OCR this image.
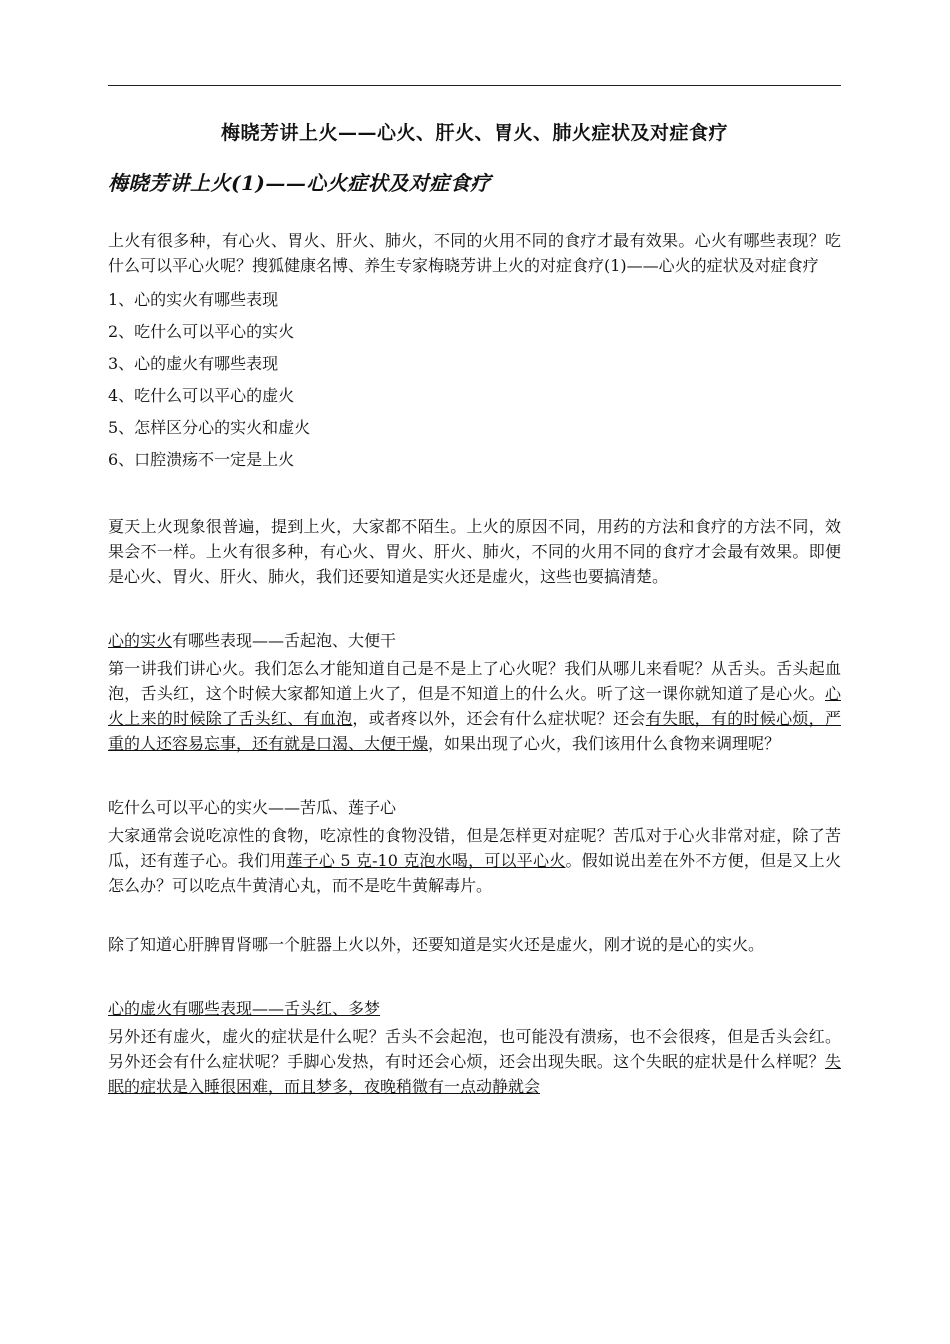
梅晓芳讲上火——心火、肝火、胃火、肺火症状及对症食疗
梅晓芳讲上火(1)——心火症状及对症食疗

上火有很多种，有心火、胃火、肝火、肺火，不同的火用不同的食疗才最有效果。心火有哪些表现？吃什么可以平心火呢？搜狐健康名博、养生专家梅晓芳讲上火的对症食疗(1)——心火的症状及对症食疗

1、心的实火有哪些表现
2、吃什么可以平心的实火
3、心的虚火有哪些表现
4、吃什么可以平心的虚火
5、怎样区分心的实火和虚火
6、口腔溃疡不一定是上火

夏天上火现象很普遍，提到上火，大家都不陌生。上火的原因不同，用药的方法和食疗的方法不同，效果会不一样。上火有很多种，有心火、胃火、肝火、肺火，不同的火用不同的食疗才会最有效果。即便是心火、胃火、肝火、肺火，我们还要知道是实火还是虚火，这些也要搞清楚。

心的实火有哪些表现——舌起泡、大便干

第一讲我们讲心火。我们怎么才能知道自己是不是上了心火呢？我们从哪儿来看呢？从舌头。舌头起血泡，舌头红，这个时候大家都知道上火了，但是不知道上的什么火。听了这一课你就知道了是心火。心火上来的时候除了舌头红、有血泡，或者疼以外，还会有什么症状呢？还会有失眠，有的时候心烦，严重的人还容易忘事，还有就是口渴、大便干燥，如果出现了心火，我们该用什么食物来调理呢？

吃什么可以平心的实火——苦瓜、莲子心

大家通常会说吃凉性的食物，吃凉性的食物没错，但是怎样更对症呢？苦瓜对于心火非常对症，除了苦瓜，还有莲子心。我们用莲子心 5 克-10 克泡水喝，可以平心火。假如说出差在外不方便，但是又上火怎么办？可以吃点牛黄清心丸，而不是吃牛黄解毒片。

除了知道心肝脾胃肾哪一个脏器上火以外，还要知道是实火还是虚火，刚才说的是心的实火。

心的虚火有哪些表现——舌头红、多梦

另外还有虚火，虚火的症状是什么呢？舌头不会起泡，也可能没有溃疡，也不会很疼，但是舌头会红。另外还会有什么症状呢？手脚心发热，有时还会心烦，还会出现失眠。这个失眠的症状是什么样呢？失眠的症状是入睡很困难，而且梦多，夜晚稍微有一点动静就会
